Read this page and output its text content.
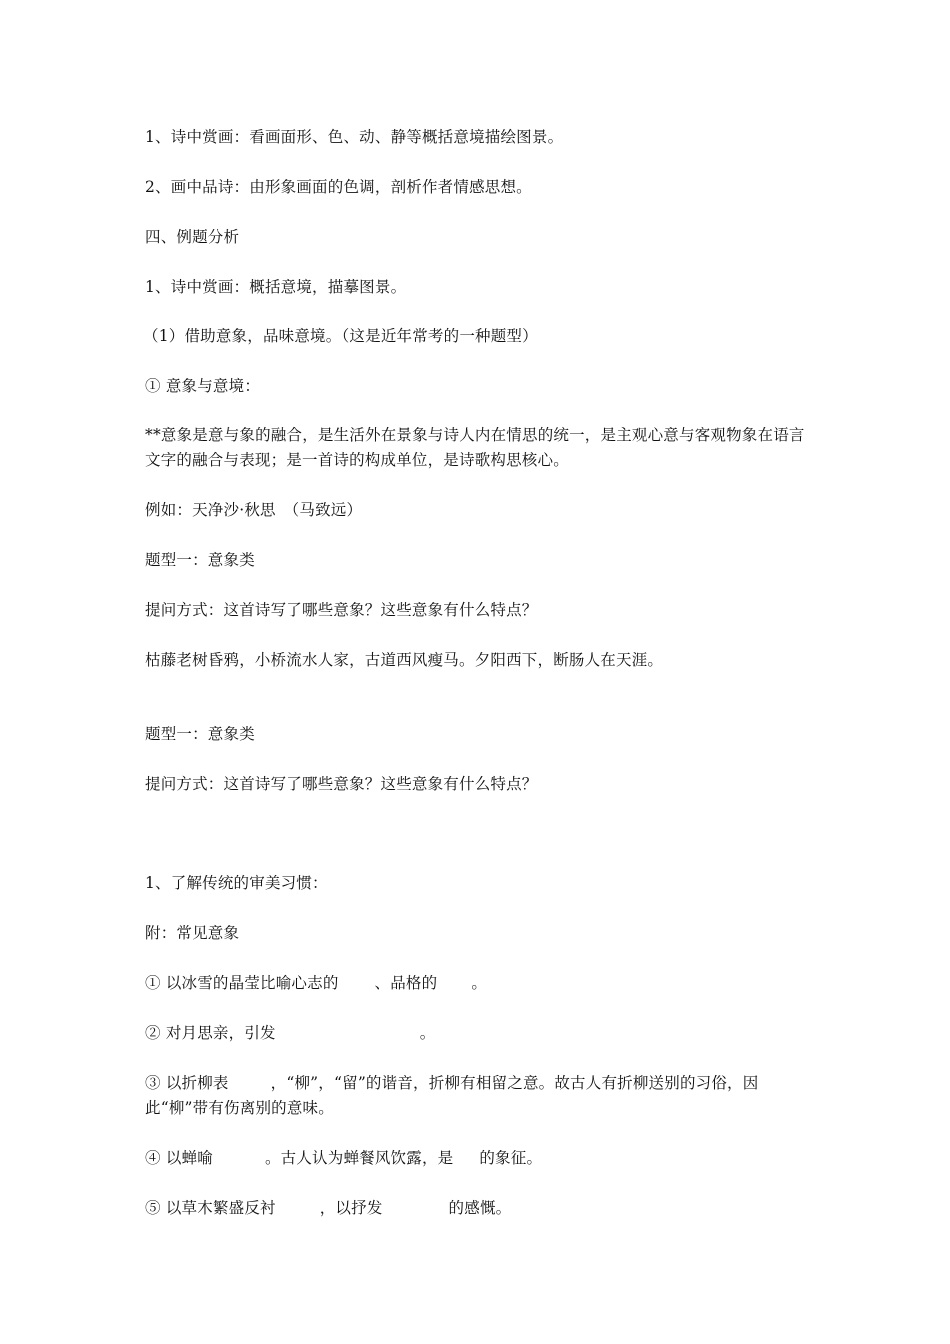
1、诗中赏画：看画面形、色、动、静等概括意境描绘图景。
2、画中品诗：由形象画面的色调，剖析作者情感思想。
四、例题分析
1、诗中赏画：概括意境，描摹图景。
（1）借助意象，品味意境。（这是近年常考的一种题型）
① 意象与意境：
**意象是意与象的融合，是生活外在景象与诗人内在情思的统一，是主观心意与客观物象在语言文字的融合与表现；是一首诗的构成单位，是诗歌构思核心。
例如：天净沙·秋思　（马致远）
题型一：意象类
提问方式：这首诗写了哪些意象？这些意象有什么特点？
枯藤老树昏鸦，小桥流水人家，古道西风瘦马。夕阳西下，断肠人在天涯。
题型一：意象类
提问方式：这首诗写了哪些意象？这些意象有什么特点？
1、了解传统的审美习惯：
附：常见意象
① 以冰雪的晶莹比喻心志的 、品格的 。
② 对月思亲，引发	。
③ 以折柳表	，“柳”，“留”的谐音，折柳有相留之意。故古人有折柳送别的习俗，因此“柳”带有伤离别的意味。
④ 以蝉喻	。古人认为蝉餐风饮露，是 的象征。
⑤ 以草木繁盛反衬	，以抒发	的感慨。
